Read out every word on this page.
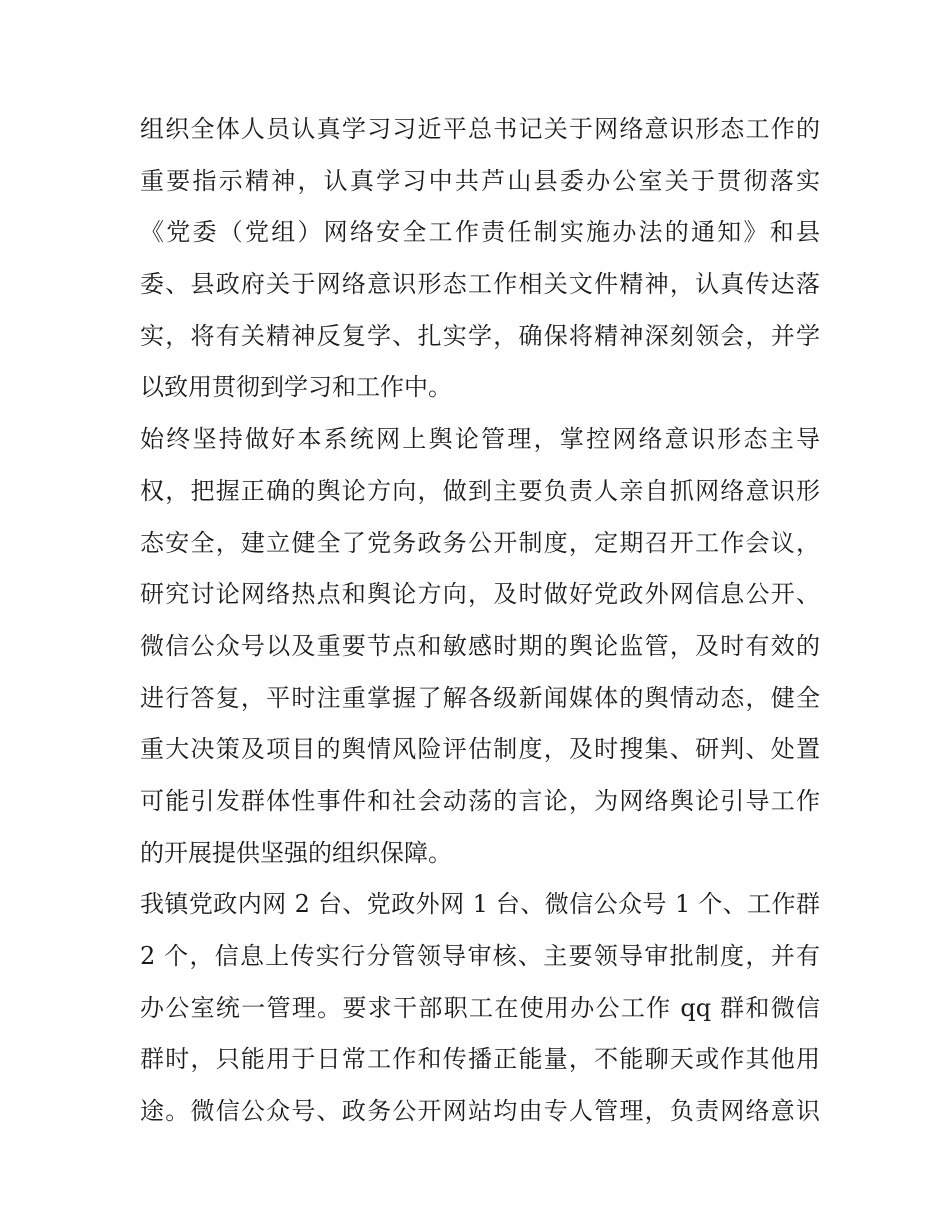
组织全体人员认真学习习近平总书记关于网络意识形态工作的
重要指示精神，认真学习中共芦山县委办公室关于贯彻落实
《党委（党组）网络安全工作责任制实施办法的通知》和县
委、县政府关于网络意识形态工作相关文件精神，认真传达落
实，将有关精神反复学、扎实学，确保将精神深刻领会，并学
以致用贯彻到学习和工作中。
始终坚持做好本系统网上舆论管理，掌控网络意识形态主导
权，把握正确的舆论方向，做到主要负责人亲自抓网络意识形
态安全，建立健全了党务政务公开制度，定期召开工作会议，
研究讨论网络热点和舆论方向，及时做好党政外网信息公开、
微信公众号以及重要节点和敏感时期的舆论监管，及时有效的
进行答复，平时注重掌握了解各级新闻媒体的舆情动态，健全
重大决策及项目的舆情风险评估制度，及时搜集、研判、处置
可能引发群体性事件和社会动荡的言论，为网络舆论引导工作
的开展提供坚强的组织保障。
我镇党政内网 2 台、党政外网 1 台、微信公众号 1 个、工作群
2 个，信息上传实行分管领导审核、主要领导审批制度，并有
办公室统一管理。要求干部职工在使用办公工作 qq 群和微信
群时，只能用于日常工作和传播正能量，不能聊天或作其他用
途。微信公众号、政务公开网站均由专人管理，负责网络意识
